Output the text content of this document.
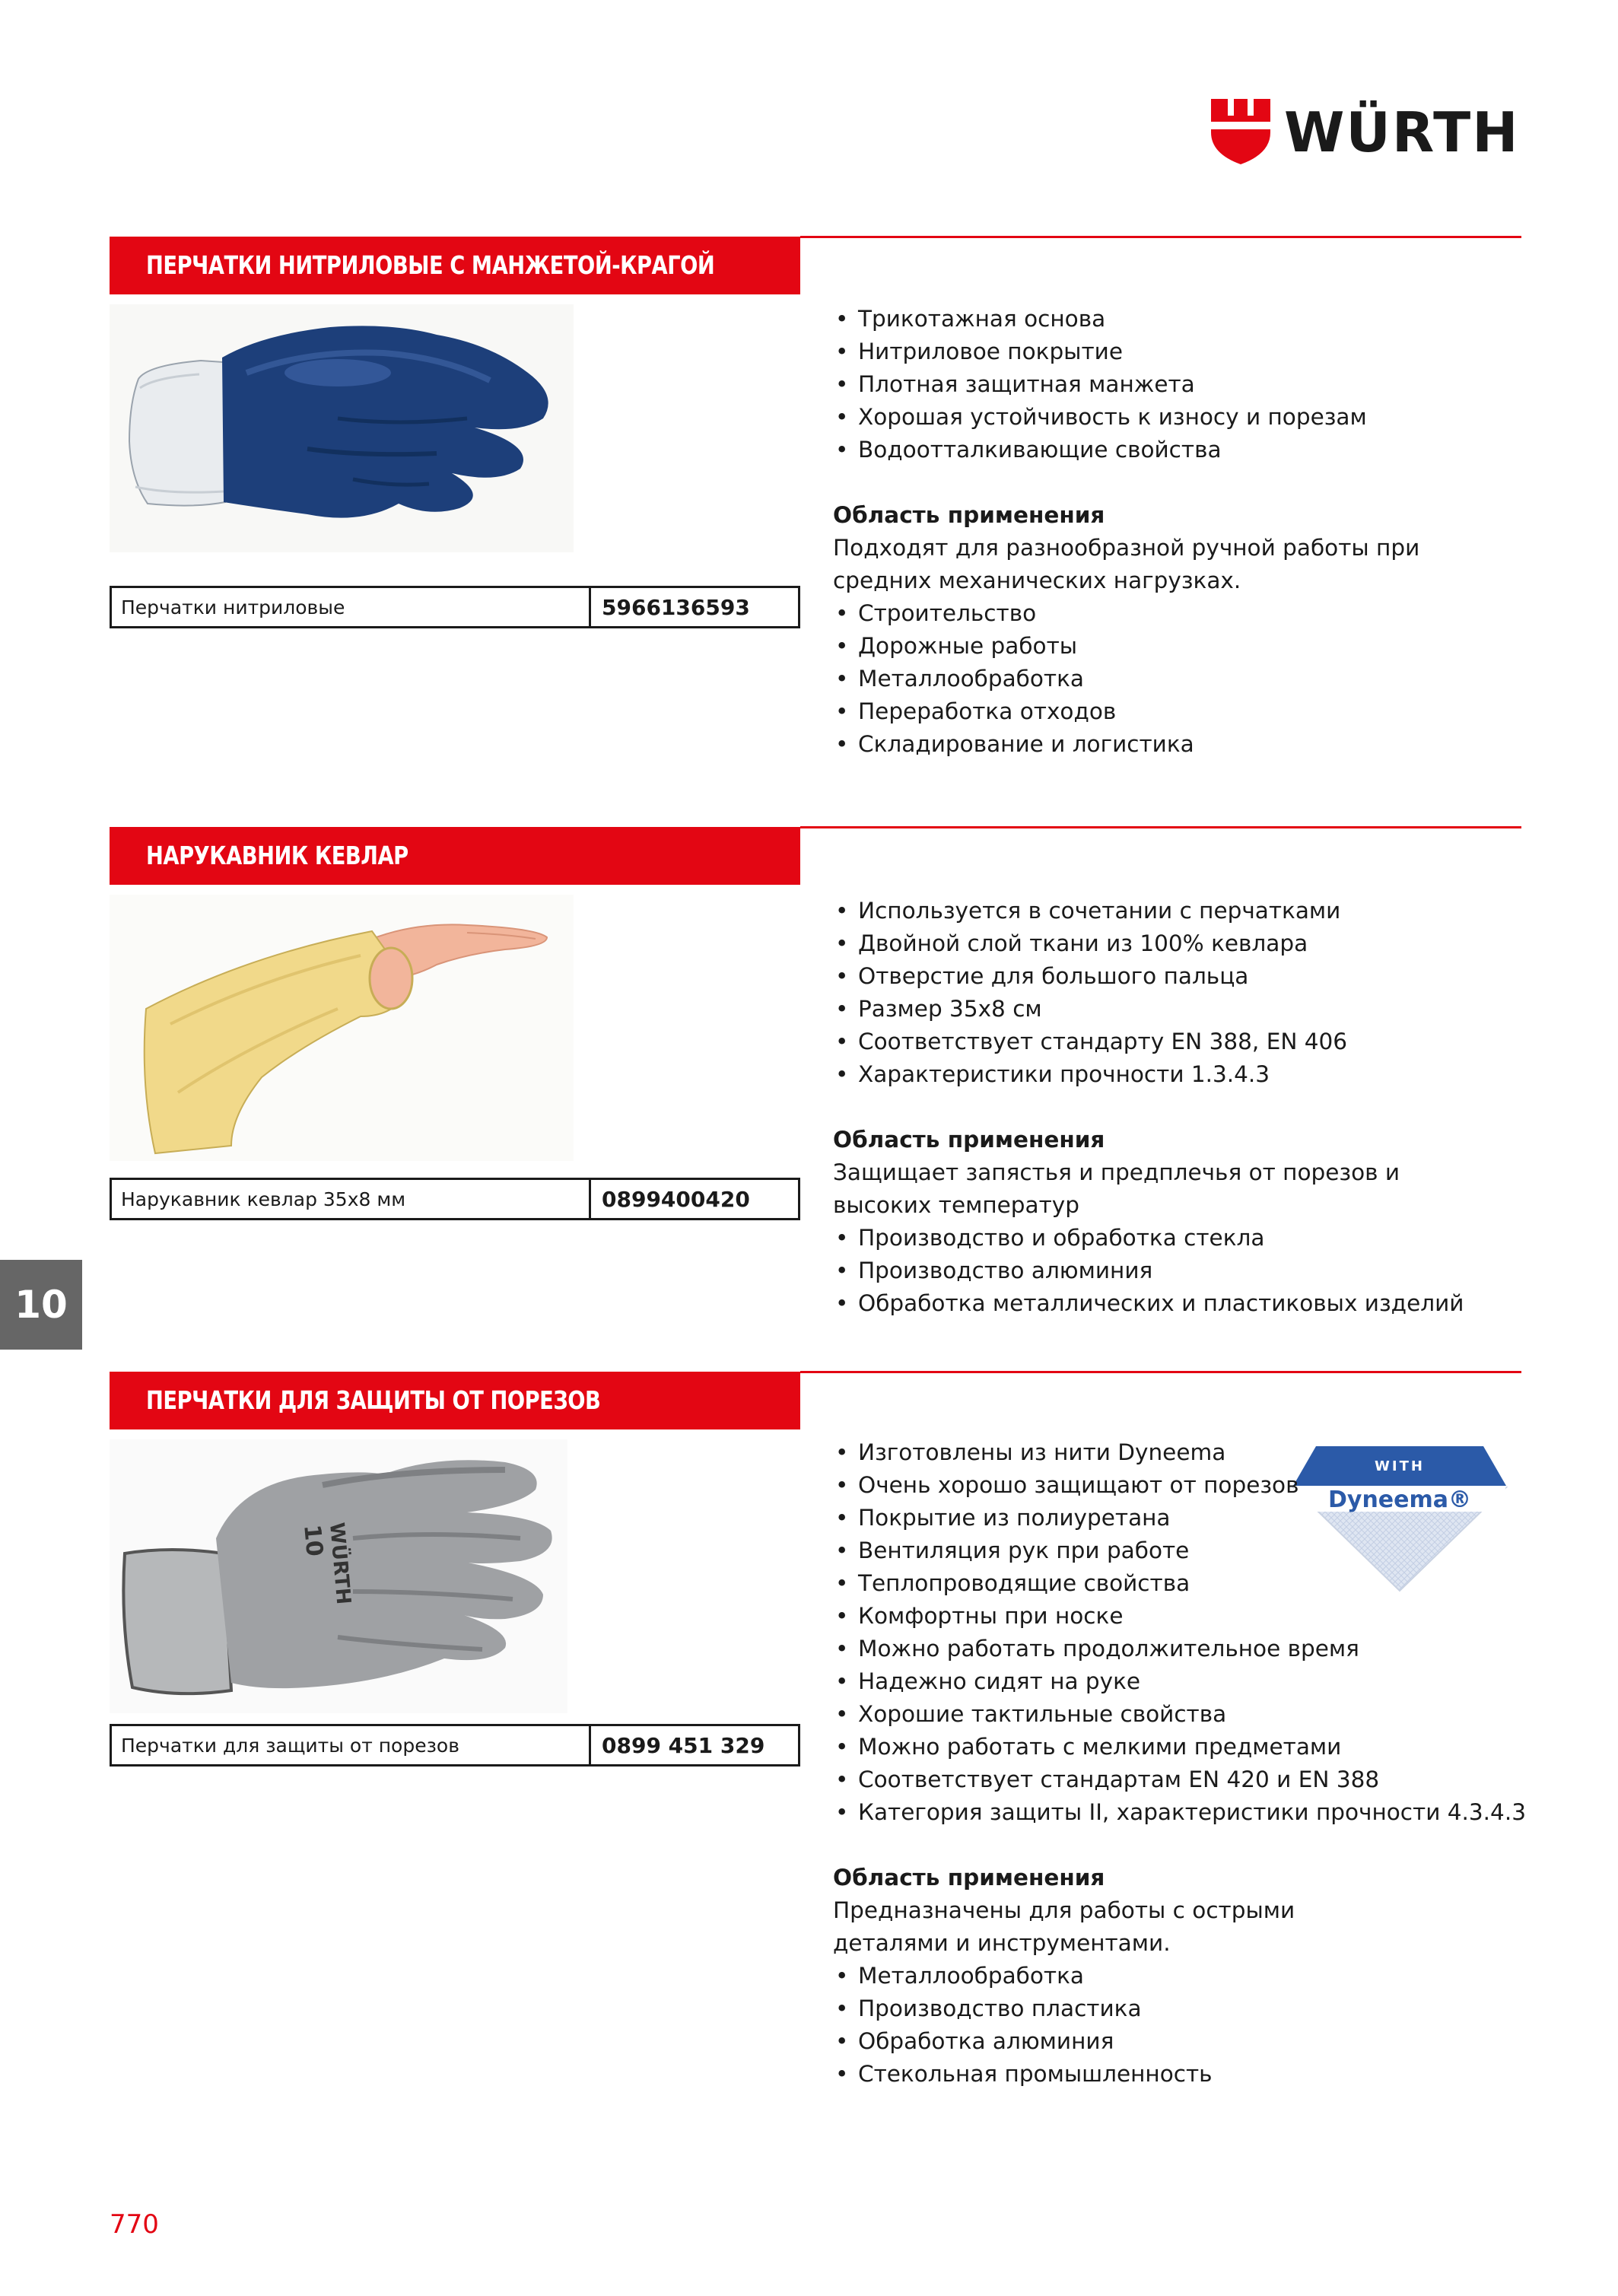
WÜRTH
ПЕРЧАТКИ НИТРИЛОВЫЕ С МАНЖЕТОЙ-КРАГОЙ
Перчатки нитриловые	5966136593
• Трикотажная основа
• Нитриловое покрытие
• Плотная защитная манжета
• Хорошая устойчивость к износу и порезам
• Водоотталкивающие свойства
Область применения

Подходят для разнообразной ручной работы при средних механических нагрузках.

• Строительство
• Дорожные работы
• Металлообработка
• Переработка отходов
• Складирование и логистика
НАРУКАВНИК КЕВЛАР
Нарукавник кевлар 35х8 мм	0899400420
• Используется в сочетании с перчатками
• Двойной слой ткани из 100% кевлара
• Отверстие для большого пальца
• Размер 35х8 см
• Соответствует стандарту EN 388, EN 406
• Характеристики прочности 1.3.4.3
Область применения

Защищает запястья и предплечья от порезов и высоких температур

• Производство и обработка стекла
• Производство алюминия
• Обработка металлических и пластиковых изделий
10
ПЕРЧАТКИ ДЛЯ ЗАЩИТЫ ОТ ПОРЕЗОВ
WÜRTH
10
Перчатки для защиты от порезов	0899 451 329
WITH
Dyneema®
• Изготовлены из нити Dyneema
• Очень хорошо защищают от порезов
• Покрытие из полиуретана
• Вентиляция рук при работе
• Теплопроводящие свойства
• Комфортны при носке
• Можно работать продолжительное время
• Надежно сидят на руке
• Хорошие тактильные свойства
• Можно работать с мелкими предметами
• Соответствует стандартам EN 420 и EN 388
• Категория защиты II, характеристики прочности 4.3.4.3
Область применения

Предназначены для работы с острыми деталями и инструментами.

• Металлообработка
• Производство пластика
• Обработка алюминия
• Стекольная промышленность
770
